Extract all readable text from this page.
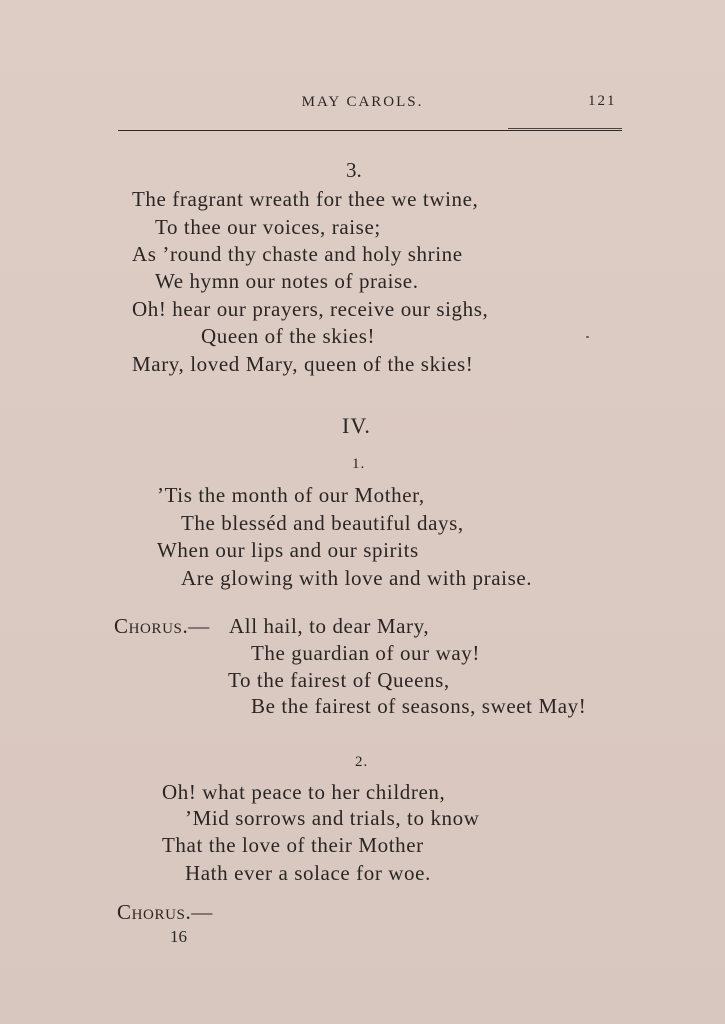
MAY CAROLS.	121
3.
The fragrant wreath for thee we twine,
To thee our voices, raise;
As ’round thy chaste and holy shrine
We hymn our notes of praise.
Oh! hear our prayers, receive our sighs,
Queen of the skies!
Mary, loved Mary, queen of the skies!
IV.
1.
’Tis the month of our Mother,
The blesséd and beautiful days,
When our lips and our spirits
Are glowing with love and with praise.
Chorus.— All hail, to dear Mary,
The guardian of our way!
To the fairest of Queens,
Be the fairest of seasons, sweet May!
2.
Oh! what peace to her children,
’Mid sorrows and trials, to know
That the love of their Mother
Hath ever a solace for woe.
Chorus.—
16
